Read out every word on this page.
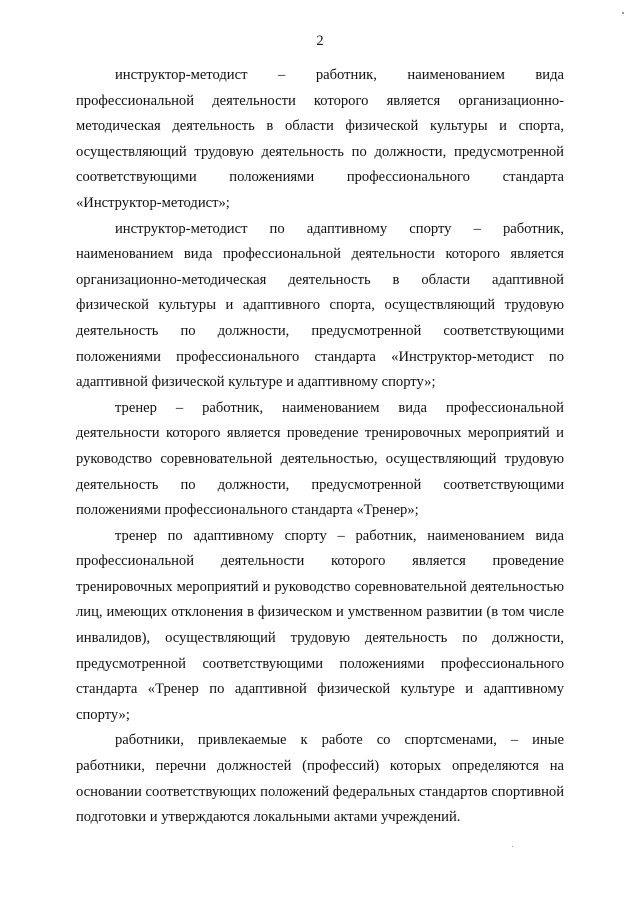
2

инструктор-методист – работник, наименованием вида профессиональной деятельности которого является организационно-методическая деятельность в области физической культуры и спорта, осуществляющий трудовую деятельность по должности, предусмотренной соответствующими положениями профессионального стандарта «Инструктор-методист»;

инструктор-методист по адаптивному спорту – работник, наименованием вида профессиональной деятельности которого является организационно-методическая деятельность в области адаптивной физической культуры и адаптивного спорта, осуществляющий трудовую деятельность по должности, предусмотренной соответствующими положениями профессионального стандарта «Инструктор-методист по адаптивной физической культуре и адаптивному спорту»;

тренер – работник, наименованием вида профессиональной деятельности которого является проведение тренировочных мероприятий и руководство соревновательной деятельностью, осуществляющий трудовую деятельность по должности, предусмотренной соответствующими положениями профессионального стандарта «Тренер»;

тренер по адаптивному спорту – работник, наименованием вида профессиональной деятельности которого является проведение тренировочных мероприятий и руководство соревновательной деятельностью лиц, имеющих отклонения в физическом и умственном развитии (в том числе инвалидов), осуществляющий трудовую деятельность по должности, предусмотренной соответствующими положениями профессионального стандарта «Тренер по адаптивной физической культуре и адаптивному спорту»;

работники, привлекаемые к работе со спортсменами, – иные работники, перечни должностей (профессий) которых определяются на основании соответствующих положений федеральных стандартов спортивной подготовки и утверждаются локальными актами учреждений.
